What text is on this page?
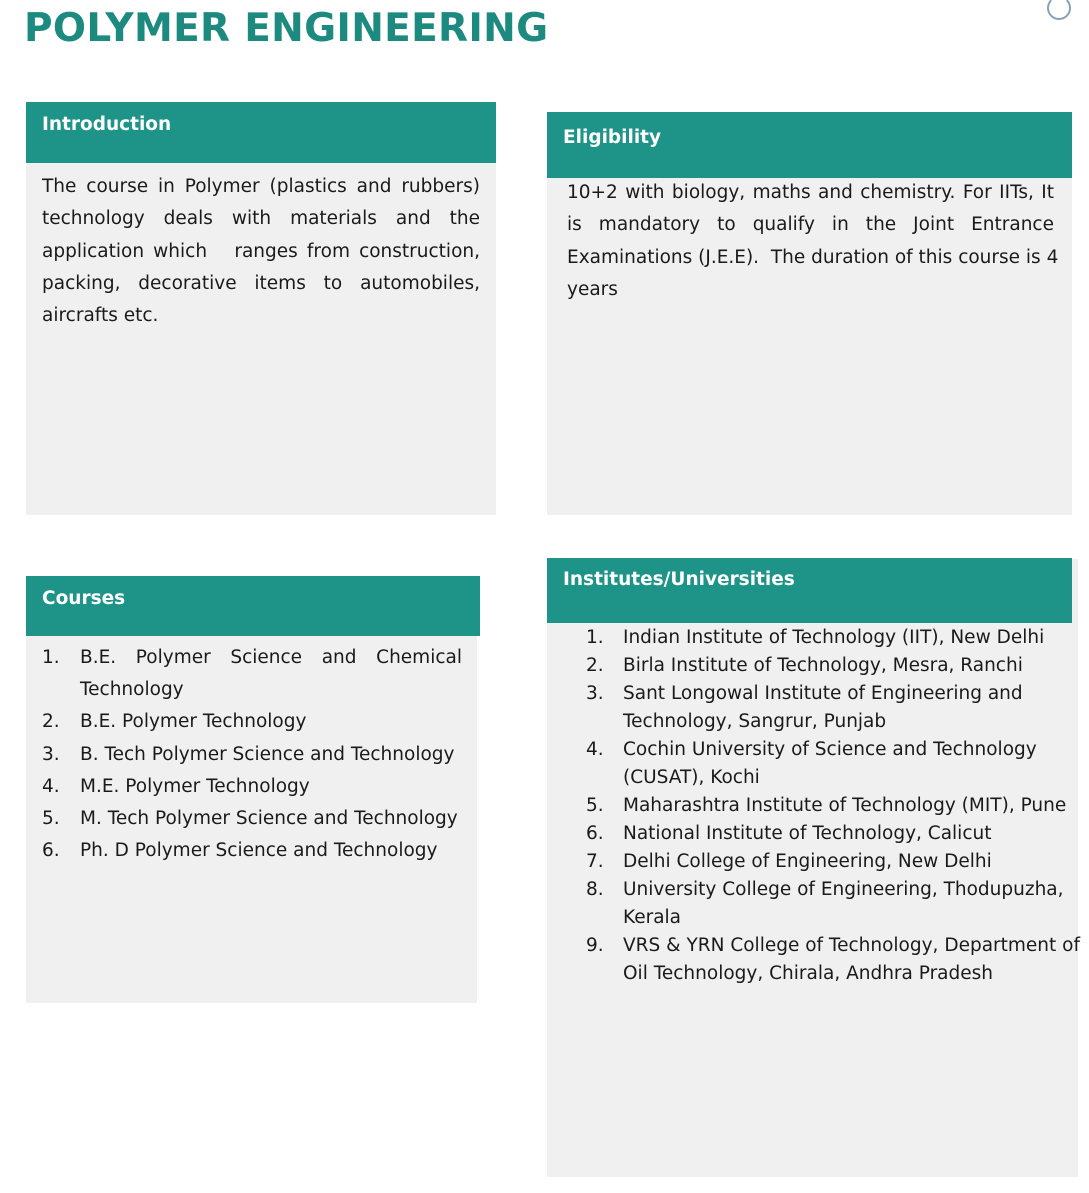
POLYMER ENGINEERING
Introduction
The course in Polymer (plastics and rubbers)
technology deals with materials and the
application which   ranges from construction,
packing, decorative items to automobiles,
aircrafts etc.
Eligibility
10+2 with biology, maths and chemistry. For IITs, It
is mandatory to qualify in the Joint Entrance
Examinations (J.E.E).  The duration of this course is 4
years
Courses
1. B.E. Polymer Science and Chemical
Technology
2. B.E. Polymer Technology
3. B. Tech Polymer Science and Technology
4. M.E. Polymer Technology
5. M. Tech Polymer Science and Technology
6. Ph. D Polymer Science and Technology
Institutes/Universities
1. Indian Institute of Technology (IIT), New Delhi
2. Birla Institute of Technology, Mesra, Ranchi
3. Sant Longowal Institute of Engineering and
Technology, Sangrur, Punjab
4. Cochin University of Science and Technology
(CUSAT), Kochi
5. Maharashtra Institute of Technology (MIT), Pune
6. National Institute of Technology, Calicut
7. Delhi College of Engineering, New Delhi
8. University College of Engineering, Thodupuzha,
Kerala
9. VRS & YRN College of Technology, Department of
Oil Technology, Chirala, Andhra Pradesh
